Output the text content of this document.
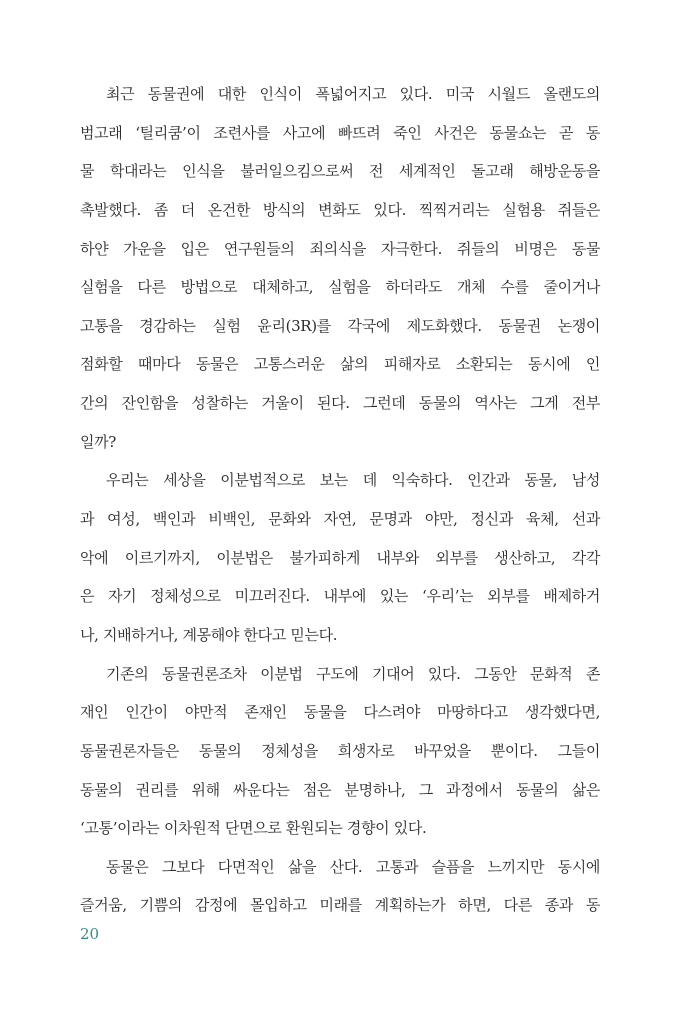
최근 동물권에 대한 인식이 폭넓어지고 있다. 미국 시월드 올랜도의
범고래 ‘틸리쿰’이 조련사를 사고에 빠뜨려 죽인 사건은 동물쇼는 곧 동
물 학대라는 인식을 불러일으킴으로써 전 세계적인 돌고래 해방운동을
촉발했다. 좀 더 온건한 방식의 변화도 있다. 찍찍거리는 실험용 쥐들은
하얀 가운을 입은 연구원들의 죄의식을 자극한다. 쥐들의 비명은 동물
실험을 다른 방법으로 대체하고, 실험을 하더라도 개체 수를 줄이거나
고통을 경감하는 실험 윤리(3R)를 각국에 제도화했다. 동물권 논쟁이
점화할 때마다 동물은 고통스러운 삶의 피해자로 소환되는 동시에 인
간의 잔인함을 성찰하는 거울이 된다. 그런데 동물의 역사는 그게 전부
일까?
우리는 세상을 이분법적으로 보는 데 익숙하다. 인간과 동물, 남성
과 여성, 백인과 비백인, 문화와 자연, 문명과 야만, 정신과 육체, 선과
악에 이르기까지, 이분법은 불가피하게 내부와 외부를 생산하고, 각각
은 자기 정체성으로 미끄러진다. 내부에 있는 ‘우리’는 외부를 배제하거
나, 지배하거나, 계몽해야 한다고 믿는다.
기존의 동물권론조차 이분법 구도에 기대어 있다. 그동안 문화적 존
재인 인간이 야만적 존재인 동물을 다스려야 마땅하다고 생각했다면,
동물권론자들은 동물의 정체성을 희생자로 바꾸었을 뿐이다. 그들이
동물의 권리를 위해 싸운다는 점은 분명하나, 그 과정에서 동물의 삶은
‘고통’이라는 이차원적 단면으로 환원되는 경향이 있다.
동물은 그보다 다면적인 삶을 산다. 고통과 슬픔을 느끼지만 동시에
즐거움, 기쁨의 감정에 몰입하고 미래를 계획하는가 하면, 다른 종과 동
20
